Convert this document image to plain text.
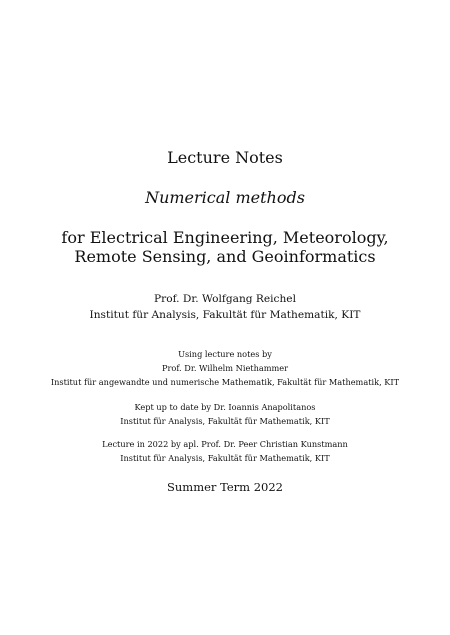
Lecture Notes
Numerical methods
for Electrical Engineering, Meteorology,
Remote Sensing, and Geoinformatics
Prof. Dr. Wolfgang Reichel
Institut für Analysis, Fakultät für Mathematik, KIT
Using lecture notes by
Prof. Dr. Wilhelm Niethammer
Institut für angewandte und numerische Mathematik, Fakultät für Mathematik, KIT
Kept up to date by Dr. Ioannis Anapolitanos
Institut für Analysis, Fakultät für Mathematik, KIT
Lecture in 2022 by apl. Prof. Dr. Peer Christian Kunstmann
Institut für Analysis, Fakultät für Mathematik, KIT
Summer Term 2022
